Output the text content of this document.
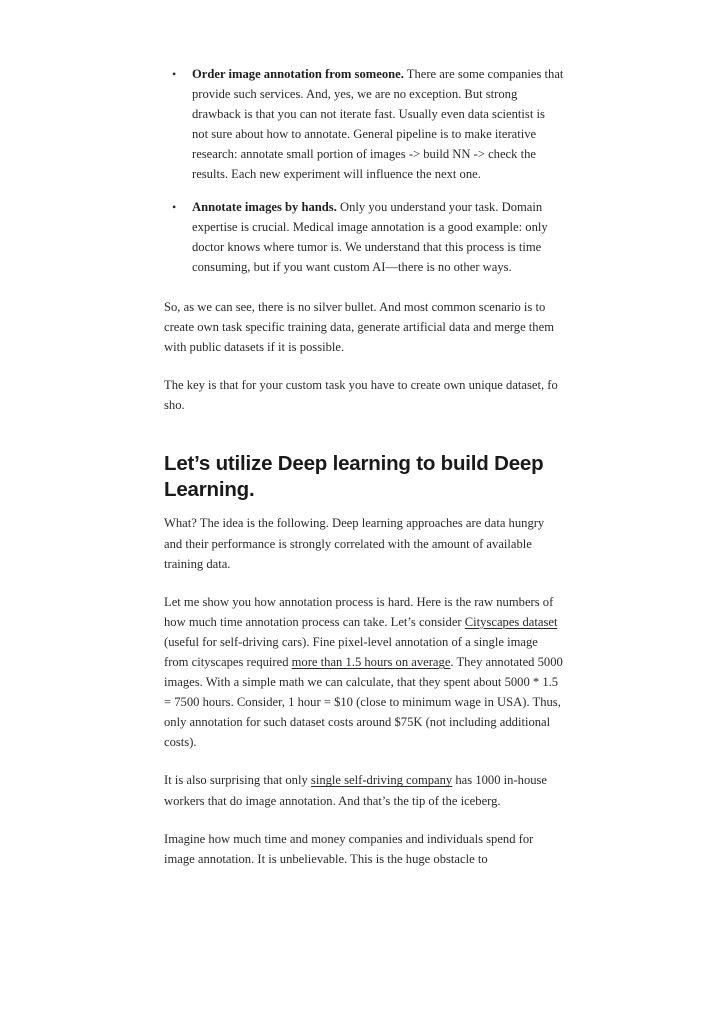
• Order image annotation from someone. There are some companies that provide such services. And, yes, we are no exception. But strong drawback is that you can not iterate fast. Usually even data scientist is not sure about how to annotate. General pipeline is to make iterative research: annotate small portion of images -> build NN -> check the results. Each new experiment will influence the next one.
• Annotate images by hands. Only you understand your task. Domain expertise is crucial. Medical image annotation is a good example: only doctor knows where tumor is. We understand that this process is time consuming, but if you want custom AI—there is no other ways.

So, as we can see, there is no silver bullet. And most common scenario is to create own task specific training data, generate artificial data and merge them with public datasets if it is possible.

The key is that for your custom task you have to create own unique dataset, fo sho.

Let’s utilize Deep learning to build Deep Learning.

What? The idea is the following. Deep learning approaches are data hungry and their performance is strongly correlated with the amount of available training data.

Let me show you how annotation process is hard. Here is the raw numbers of how much time annotation process can take. Let’s consider Cityscapes dataset (useful for self-driving cars). Fine pixel-level annotation of a single image from cityscapes required more than 1.5 hours on average. They annotated 5000 images. With a simple math we can calculate, that they spent about 5000 * 1.5 = 7500 hours. Consider, 1 hour = $10 (close to minimum wage in USA). Thus, only annotation for such dataset costs around $75K (not including additional costs).

It is also surprising that only single self-driving company has 1000 in-house workers that do image annotation. And that’s the tip of the iceberg.

Imagine how much time and money companies and individuals spend for image annotation. It is unbelievable. This is the huge obstacle to
